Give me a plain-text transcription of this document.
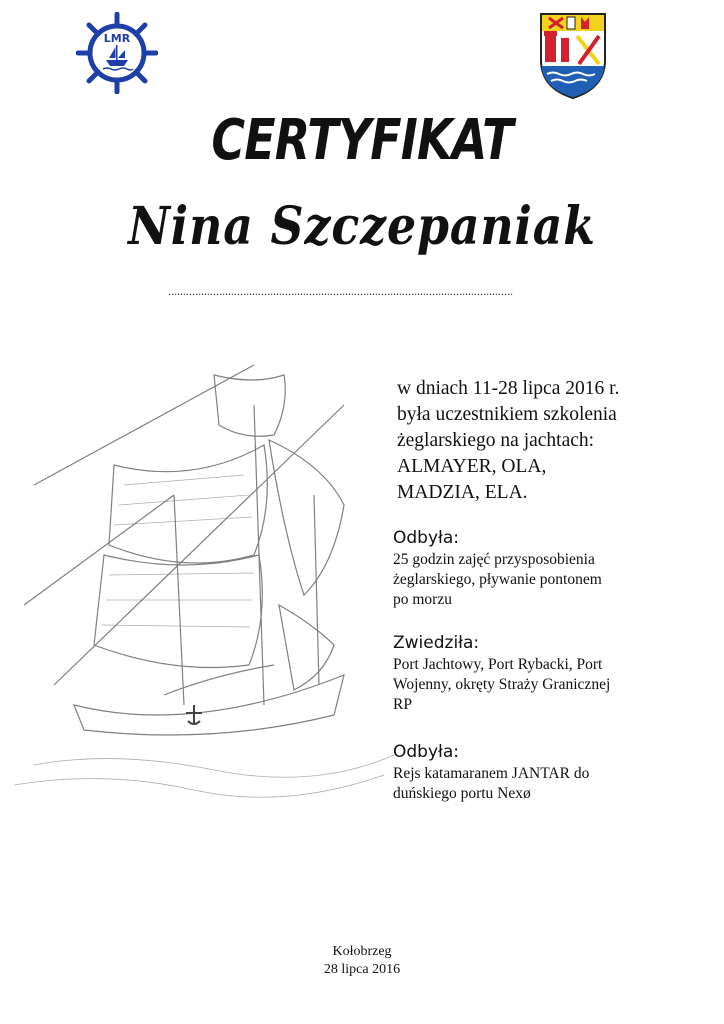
LMR
CERTYFIKAT
Nina Szczepaniak
...................................................................................................................
w dniach 11-28 lipca 2016 r.
była uczestnikiem szkolenia
żeglarskiego na jachtach:
ALMAYER, OLA,
MADZIA, ELA.
Odbyła:
25 godzin zajęć przysposobienia
żeglarskiego, pływanie pontonem
po morzu
Zwiedziła:
Port Jachtowy, Port Rybacki, Port
Wojenny, okręty Straży Granicznej
RP
Odbyła:
Rejs katamaranem JANTAR do
duńskiego portu Nexø
Kołobrzeg
28 lipca 2016
